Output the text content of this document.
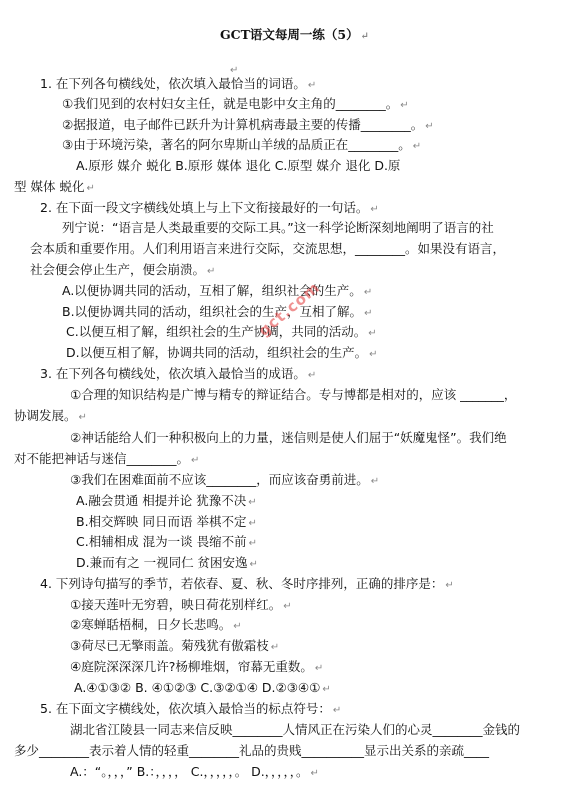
GCT语文每周一练（5） ↵
↵
1. 在下列各句横线处，依次填入最恰当的词语。 ↵
①我们见到的农村妇女主任，就是电影中女主角的________。 ↵
②据报道，电子邮件已跃升为计算机病毒最主要的传播________。 ↵
③由于环境污染，著名的阿尔卑斯山羊绒的品质正在________。 ↵
A.原形 媒介 蜕化 B.原形 媒体 退化 C.原型 媒介 退化 D.原
型 媒体 蜕化 ↵
2. 在下面一段文字横线处填上与上下文衔接最好的一句话。 ↵
列宁说：“语言是人类最重要的交际工具。”这一科学论断深刻地阐明了语言的社
会本质和重要作用。人们利用语言来进行交际，交流思想，________。如果没有语言，
社会便会停止生产，便会崩溃。 ↵
A.以便协调共同的活动，互相了解，组织社会的生产。 ↵
B.以便协调共同的活动，组织社会的生产，互相了解。 ↵
C.以便互相了解，组织社会的生产协调，共同的活动。 ↵
D.以便互相了解，协调共同的活动，组织社会的生产。 ↵
3. 在下列各句横线处，依次填入最恰当的成语。 ↵
①合理的知识结构是广博与精专的辩证结合。专与博都是相对的，应该 _______，
协调发展。 ↵
②神话能给人们一种积极向上的力量，迷信则是使人们屈于“妖魔鬼怪”。我们绝
对不能把神话与迷信________。 ↵
③我们在困难面前不应该________，而应该奋勇前进。 ↵
A.融会贯通 相提并论 犹豫不决 ↵
B.相交辉映 同日而语 举棋不定 ↵
C.相辅相成 混为一谈 畏缩不前 ↵
D.兼而有之 一视同仁 贫困安逸 ↵
4. 下列诗句描写的季节，若依春、夏、秋、冬时序排列，正确的排序是： ↵
①接天莲叶无穷碧，映日荷花别样红。 ↵
②寒蝉聒梧桐，日夕长悲鸣。 ↵
③荷尽已无擎雨盖。菊残犹有傲霜枝 ↵
④庭院深深深几许?杨柳堆烟，帘幕无重数。 ↵
A.④①③② B. ④①②③ C.③②①④ D.②③④① ↵
5. 在下面文字横线处，依次填入最恰当的标点符号： ↵
湖北省江陵县一同志来信反映________人情风正在污染人们的心灵________金钱的
多少________表示着人情的轻重________礼品的贵贱__________显示出关系的亲疏____
A.：“。，，，” B.：，，，， C.，，，，，。 D.，，，，，。 ↵
gct.com
